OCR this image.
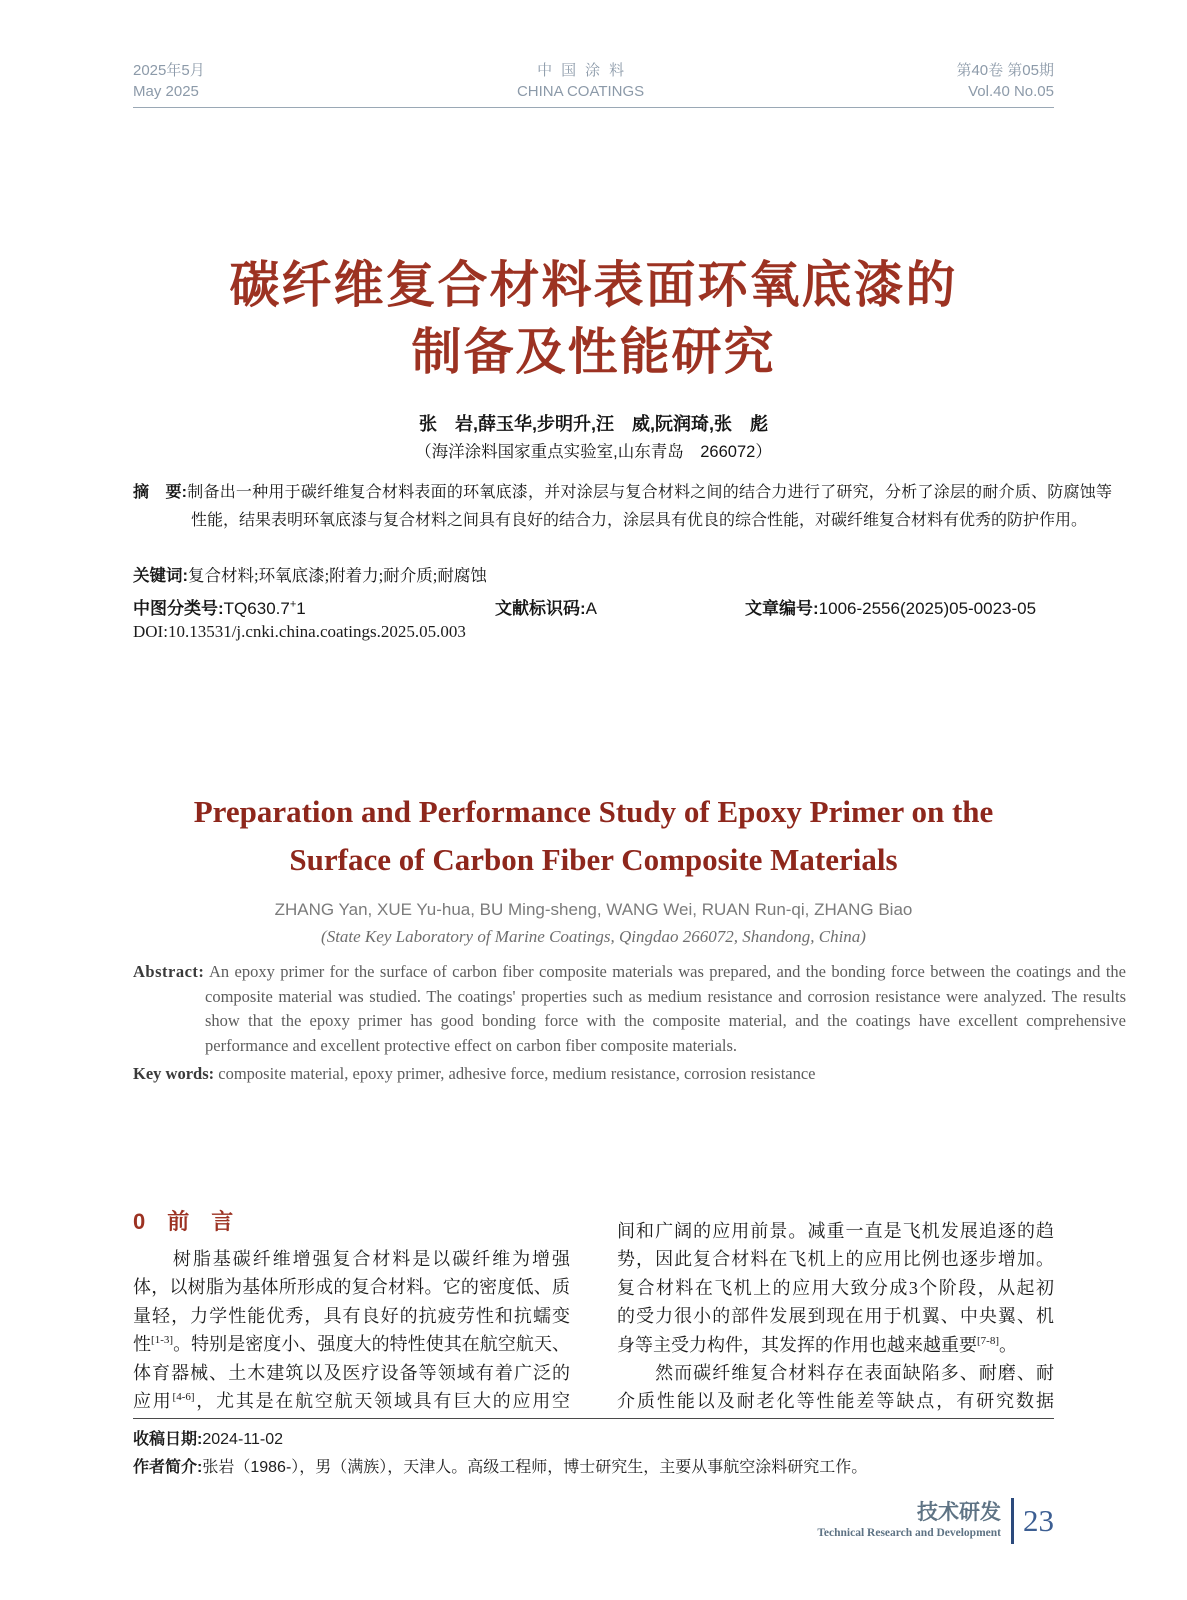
2025年5月
May 2025
中国涂料
CHINA COATINGS
第40卷 第05期
Vol.40 No.05
碳纤维复合材料表面环氧底漆的
制备及性能研究
张　岩,薛玉华,步明升,汪　威,阮润琦,张　彪
（海洋涂料国家重点实验室,山东青岛　266072）
摘　要:制备出一种用于碳纤维复合材料表面的环氧底漆，并对涂层与复合材料之间的结合力进行了研究，分析了涂层的耐介质、防腐蚀等性能，结果表明环氧底漆与复合材料之间具有良好的结合力，涂层具有优良的综合性能，对碳纤维复合材料有优秀的防护作用。
关键词:复合材料;环氧底漆;附着力;耐介质;耐腐蚀
中图分类号:TQ630.7+1	文献标识码:A	文章编号:1006-2556(2025)05-0023-05
DOI:10.13531/j.cnki.china.coatings.2025.05.003
Preparation and Performance Study of Epoxy Primer on the
Surface of Carbon Fiber Composite Materials
ZHANG Yan, XUE Yu-hua, BU Ming-sheng, WANG Wei, RUAN Run-qi, ZHANG Biao
(State Key Laboratory of Marine Coatings, Qingdao 266072, Shandong, China)
Abstract: An epoxy primer for the surface of carbon fiber composite materials was prepared, and the bonding force between the coatings and the composite material was studied. The coatings' properties such as medium resistance and corrosion resistance were analyzed. The results show that the epoxy primer has good bonding force with the composite material, and the coatings have excellent comprehensive performance and excellent protective effect on carbon fiber composite materials.
Key words: composite material, epoxy primer, adhesive force, medium resistance, corrosion resistance
0　前　言
　　树脂基碳纤维增强复合材料是以碳纤维为增强
体，以树脂为基体所形成的复合材料。它的密度低、质
量轻，力学性能优秀，具有良好的抗疲劳性和抗蠕变
性[1-3]。特别是密度小、强度大的特性使其在航空航天、
体育器械、土木建筑以及医疗设备等领域有着广泛的
应用[4-6]，尤其是在航空航天领域具有巨大的应用空
间和广阔的应用前景。减重一直是飞机发展追逐的趋
势，因此复合材料在飞机上的应用比例也逐步增加。
复合材料在飞机上的应用大致分成3个阶段，从起初
的受力很小的部件发展到现在用于机翼、中央翼、机
身等主受力构件，其发挥的作用也越来越重要[7-8]。
　　然而碳纤维复合材料存在表面缺陷多、耐磨、耐
介质性能以及耐老化等性能差等缺点，有研究数据
收稿日期:2024-11-02
作者简介:张岩（1986-），男（满族），天津人。高级工程师，博士研究生，主要从事航空涂料研究工作。
技术研发
Technical Research and Development 23
